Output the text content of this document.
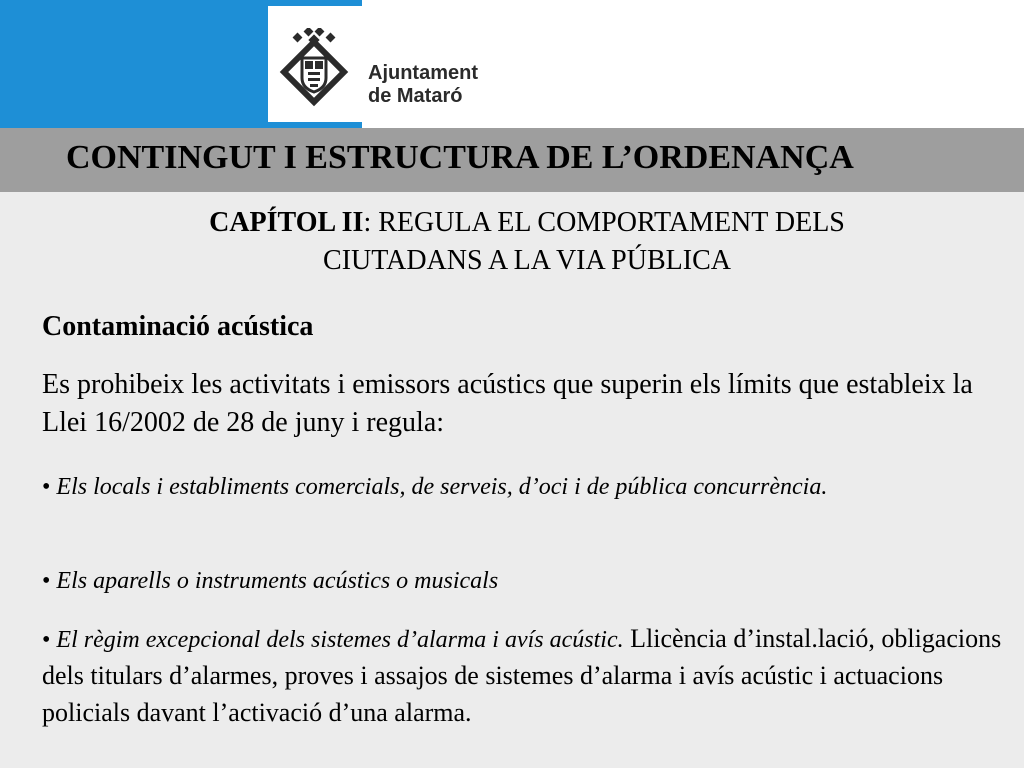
Ajuntament
de Mataró
CONTINGUT I ESTRUCTURA DE L’ORDENANÇA
CAPÍTOL II: REGULA EL COMPORTAMENT DELS
CIUTADANS A LA VIA PÚBLICA
Contaminació acústica
Es prohibeix les activitats i emissors acústics que superin els límits que estableix la Llei 16/2002 de 28 de juny i regula:
• Els locals i establiments comercials, de serveis, d’oci i de pública concurrència.
• Els aparells o instruments acústics o musicals
• El règim excepcional dels sistemes d’alarma i avís acústic. Llicència d’instal.lació, obligacions dels titulars d’alarmes, proves i assajos de sistemes d’alarma i avís acústic i actuacions policials davant l’activació d’una alarma.
